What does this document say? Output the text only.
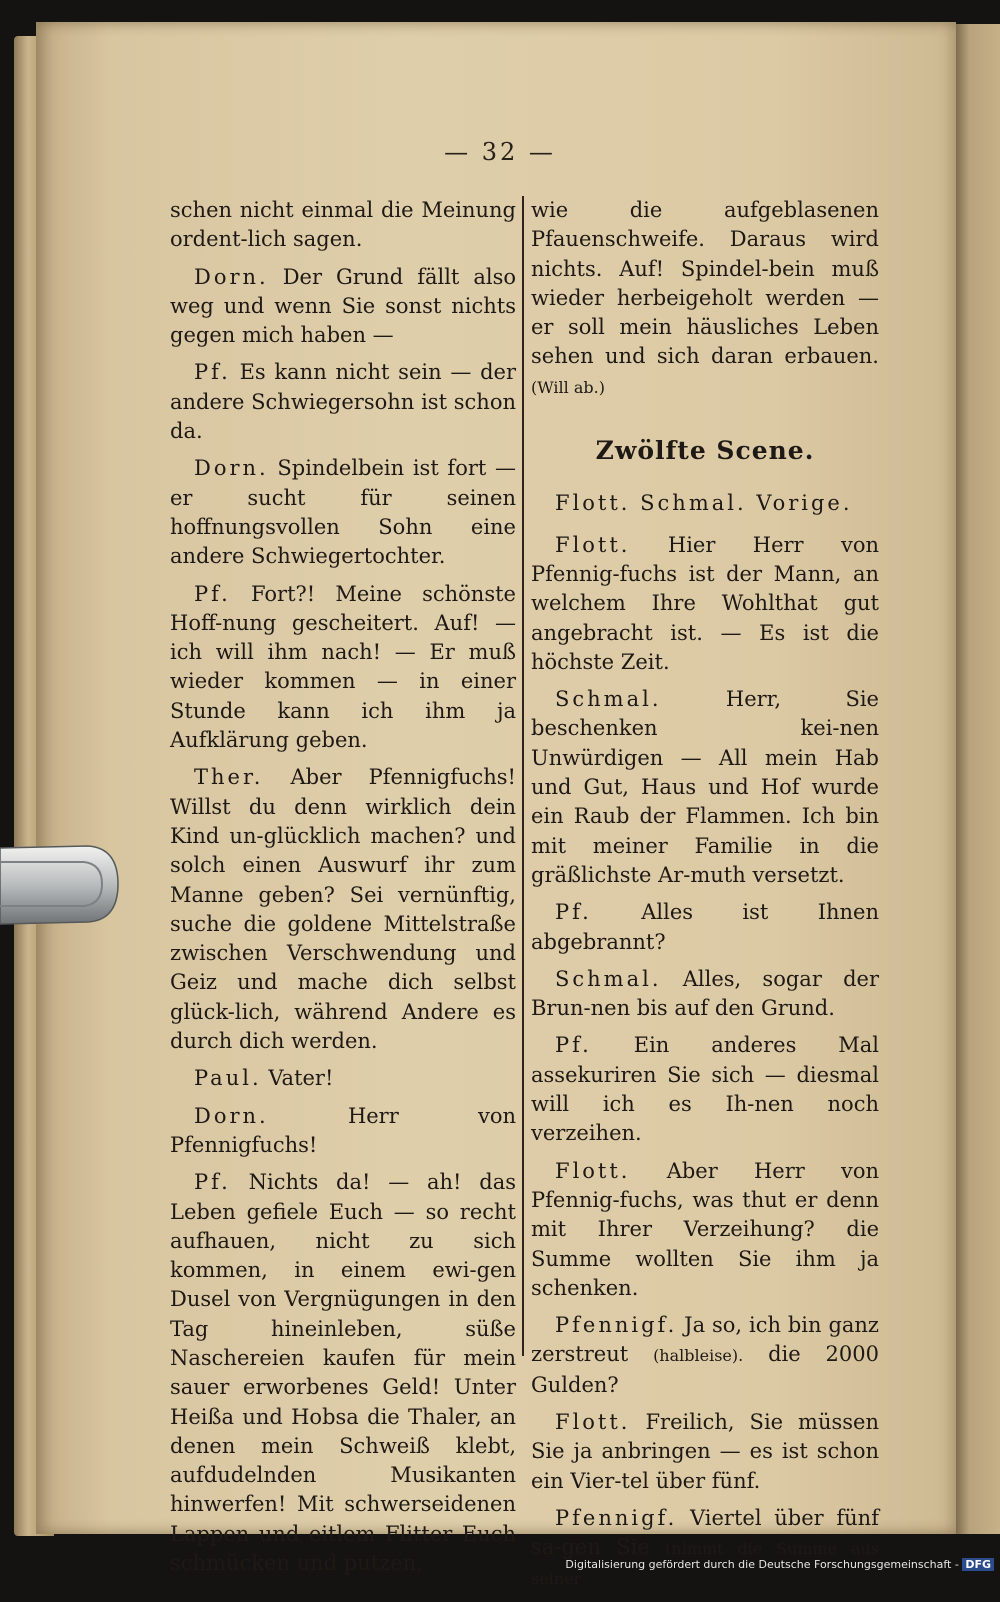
— 32 —

schen nicht einmal die Meinung ordent-lich sagen.

Dorn. Der Grund fällt also weg und wenn Sie sonst nichts gegen mich haben —

Pf. Es kann nicht sein — der andere Schwiegersohn ist schon da.

Dorn. Spindelbein ist fort — er sucht für seinen hoffnungsvollen Sohn eine andere Schwiegertochter.

Pf. Fort?! Meine schönste Hoff-nung gescheitert. Auf! — ich will ihm nach! — Er muß wieder kommen — in einer Stunde kann ich ihm ja Aufklärung geben.

Ther. Aber Pfennigfuchs! Willst du denn wirklich dein Kind un-glücklich machen? und solch einen Auswurf ihr zum Manne geben? Sei vernünftig, suche die goldene Mittelstraße zwischen Verschwendung und Geiz und mache dich selbst glück-lich, während Andere es durch dich werden.

Paul. Vater!

Dorn.	Herr von Pfennigfuchs!

Pf. Nichts da! — ah! das Leben gefiele Euch — so recht aufhauen, nicht zu sich kommen, in einem ewi-gen Dusel von Vergnügungen in den Tag hineinleben, süße Naschereien kaufen für mein sauer erworbenes Geld! Unter Heißa und Hobsa die Thaler, an denen mein Schweiß klebt, aufdudelnden Musikanten hinwerfen! Mit schwerseidenen Lappen und eitlem Flitter Euch schmücken und putzen,

wie die aufgeblasenen Pfauenschweife. Daraus wird nichts. Auf! Spindel-bein muß wieder herbeigeholt werden — er soll mein häusliches Leben sehen und sich daran erbauen. (Will ab.)

Zwölfte Scene.

Flott. Schmal. Vorige.

Flott. Hier Herr von Pfennig-fuchs ist der Mann, an welchem Ihre Wohlthat gut angebracht ist. — Es ist die höchste Zeit.

Schmal.	Herr, Sie beschenken kei-nen Unwürdigen — All mein Hab und Gut, Haus und Hof wurde ein Raub der Flammen. Ich bin mit meiner Familie in die gräßlichste Ar-muth versetzt.

Pf. Alles ist Ihnen abgebrannt?

Schmal. Alles, sogar der Brun-nen bis auf den Grund.

Pf. Ein anderes Mal assekuriren Sie sich — diesmal will ich es Ih-nen noch verzeihen.

Flott. Aber Herr von Pfennig-fuchs, was thut er denn mit Ihrer Verzeihung? die Summe wollten Sie ihm ja schenken.

Pfennigf. Ja so, ich bin ganz zerstreut (halbleise). die 2000 Gulden?

Flott. Freilich, Sie müssen Sie ja anbringen — es ist schon ein Vier-tel über fünf.

Pfennigf. Viertel über fünf sa-gen Sie (nimmt die Summe aus seiner

Digitalisierung gefördert durch die Deutsche Forschungsgemeinschaft - DFG
